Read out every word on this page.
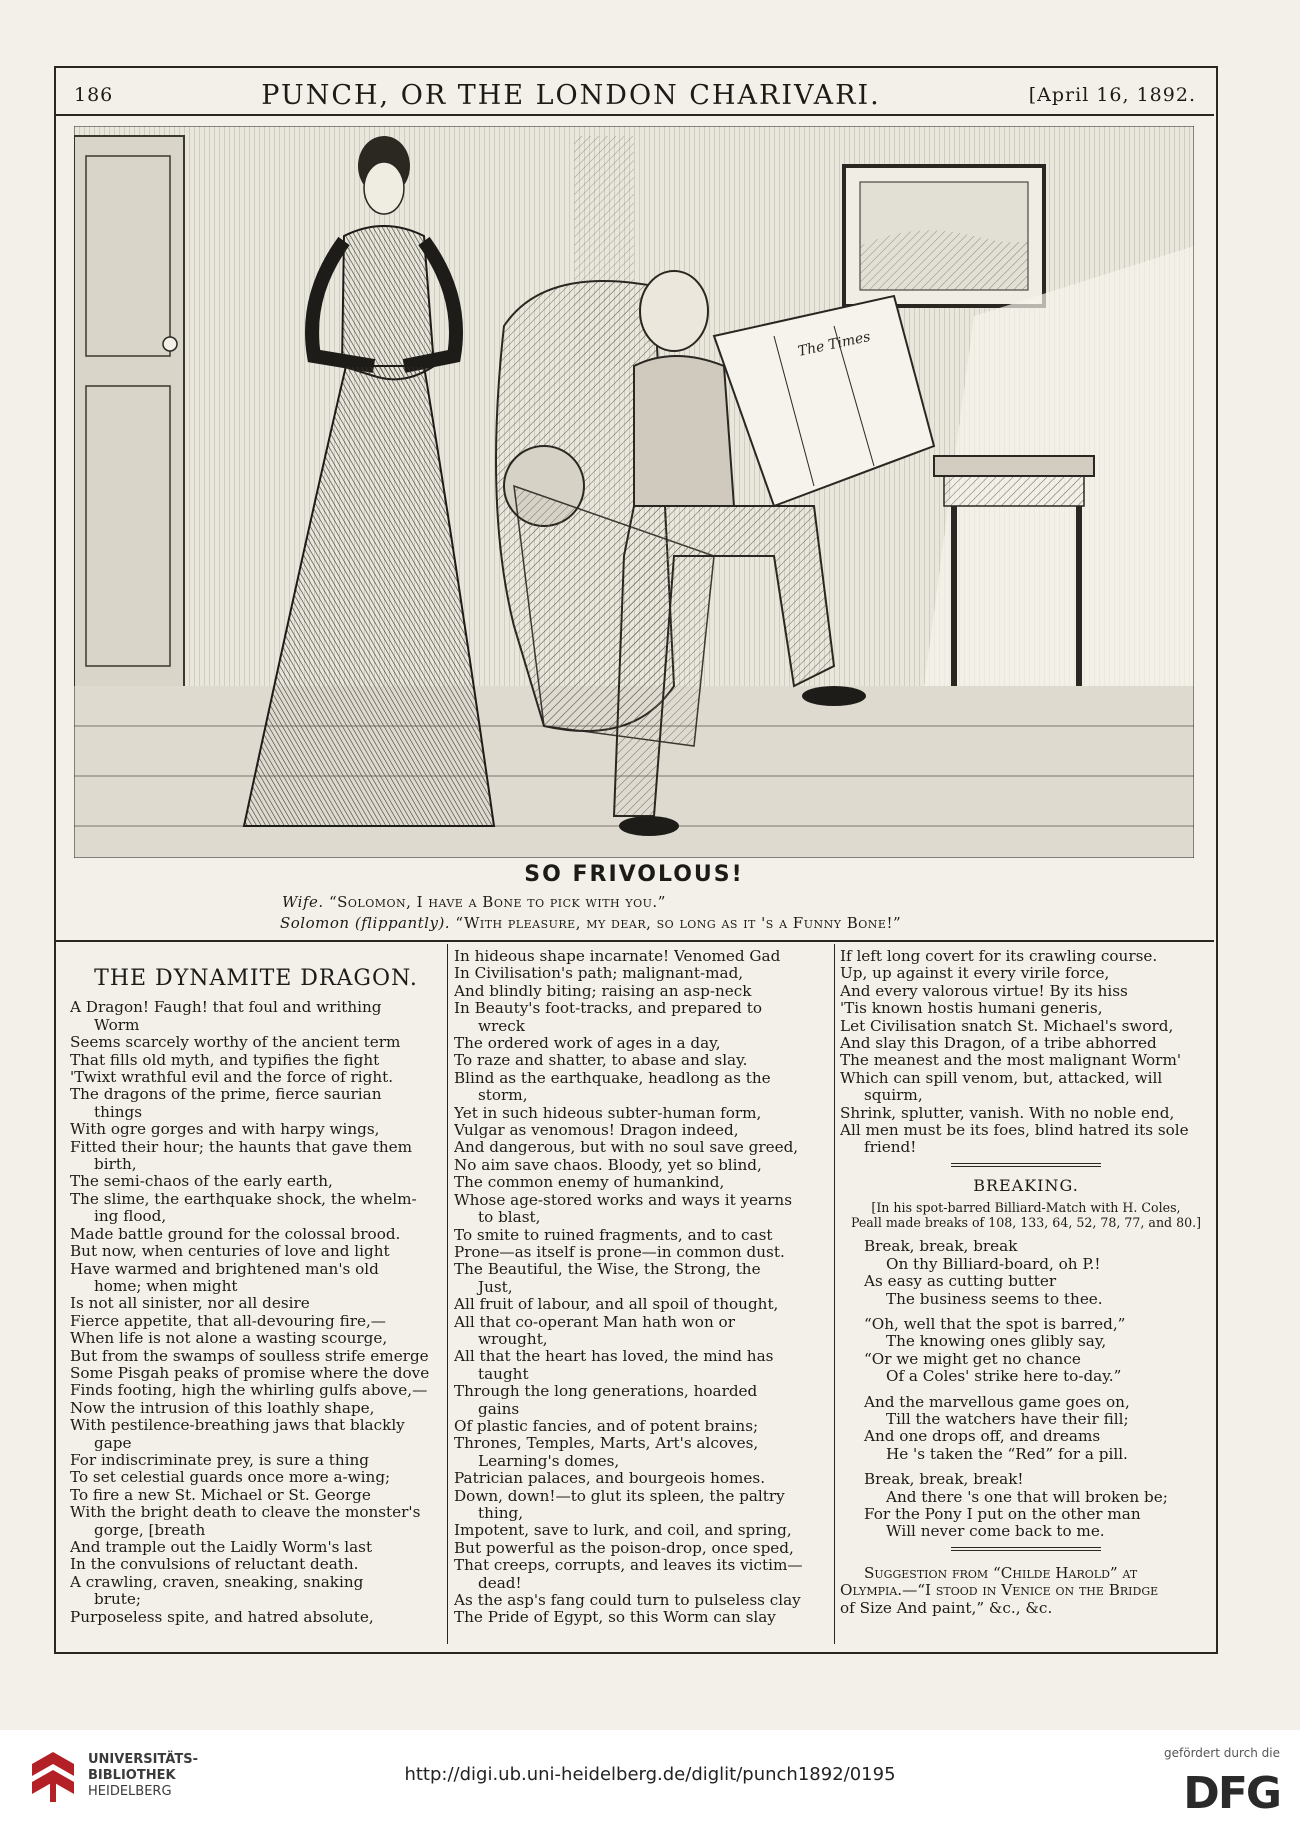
186	PUNCH, OR THE LONDON CHARIVARI.	[April 16, 1892.
The Times
SO FRIVOLOUS!
Wife. “Solomon, I have a Bone to pick with you.”
Solomon (flippantly). “With pleasure, my dear, so long as it 's a Funny Bone!”
THE DYNAMITE DRAGON.
A Dragon! Faugh! that foul and writhing
Worm
Seems scarcely worthy of the ancient term
That fills old myth, and typifies the fight
'Twixt wrathful evil and the force of right.
The dragons of the prime, fierce saurian
things
With ogre gorges and with harpy wings,
Fitted their hour; the haunts that gave them
birth,
The semi-chaos of the early earth,
The slime, the earthquake shock, the whelm-
ing flood,
Made battle ground for the colossal brood.
But now, when centuries of love and light
Have warmed and brightened man's old
home; when might
Is not all sinister, nor all desire
Fierce appetite, that all-devouring fire,—
When life is not alone a wasting scourge,
But from the swamps of soulless strife emerge
Some Pisgah peaks of promise where the dove
Finds footing, high the whirling gulfs above,—
Now the intrusion of this loathly shape,
With pestilence-breathing jaws that blackly
gape
For indiscriminate prey, is sure a thing
To set celestial guards once more a-wing;
To fire a new St. Michael or St. George
With the bright death to cleave the monster's
gorge, [breath
And trample out the Laidly Worm's last
In the convulsions of reluctant death.
A crawling, craven, sneaking, snaking
brute;
Purposeless spite, and hatred absolute,
In hideous shape incarnate! Venomed Gad
In Civilisation's path; malignant-mad,
And blindly biting; raising an asp-neck
In Beauty's foot-tracks, and prepared to
wreck
The ordered work of ages in a day,
To raze and shatter, to abase and slay.
Blind as the earthquake, headlong as the
storm,
Yet in such hideous subter-human form,
Vulgar as venomous! Dragon indeed,
And dangerous, but with no soul save greed,
No aim save chaos. Bloody, yet so blind,
The common enemy of humankind,
Whose age-stored works and ways it yearns
to blast,
To smite to ruined fragments, and to cast
Prone—as itself is prone—in common dust.
The Beautiful, the Wise, the Strong, the
Just,
All fruit of labour, and all spoil of thought,
All that co-operant Man hath won or
wrought,
All that the heart has loved, the mind has
taught
Through the long generations, hoarded
gains
Of plastic fancies, and of potent brains;
Thrones, Temples, Marts, Art's alcoves,
Learning's domes,
Patrician palaces, and bourgeois homes.
Down, down!—to glut its spleen, the paltry
thing,
Impotent, save to lurk, and coil, and spring,
But powerful as the poison-drop, once sped,
That creeps, corrupts, and leaves its victim—
dead!
As the asp's fang could turn to pulseless clay
The Pride of Egypt, so this Worm can slay
If left long covert for its crawling course.
Up, up against it every virile force,
And every valorous virtue! By its hiss
'Tis known hostis humani generis,
Let Civilisation snatch St. Michael's sword,
And slay this Dragon, of a tribe abhorred
The meanest and the most malignant Worm'
Which can spill venom, but, attacked, will
squirm,
Shrink, splutter, vanish. With no noble end,
All men must be its foes, blind hatred its sole
friend!
BREAKING.
[In his spot-barred Billiard-Match with H. Coles,
Peall made breaks of 108, 133, 64, 52, 78, 77, and 80.]
Break, break, break
On thy Billiard-board, oh P.!
As easy as cutting butter
The business seems to thee.
“Oh, well that the spot is barred,”
The knowing ones glibly say,
“Or we might get no chance
Of a Coles' strike here to-day.”
And the marvellous game goes on,
Till the watchers have their fill;
And one drops off, and dreams
He 's taken the “Red” for a pill.
Break, break, break!
And there 's one that will broken be;
For the Pony I put on the other man
Will never come back to me.
Suggestion from “Childe Harold” at
Olympia.—“I stood in Venice on the Bridge
of Size And paint,” &c., &c.
UNIVERSITÄTS-
BIBLIOTHEK
HEIDELBERG
http://digi.ub.uni-heidelberg.de/diglit/punch1892/0195
gefördert durch die
DFG
